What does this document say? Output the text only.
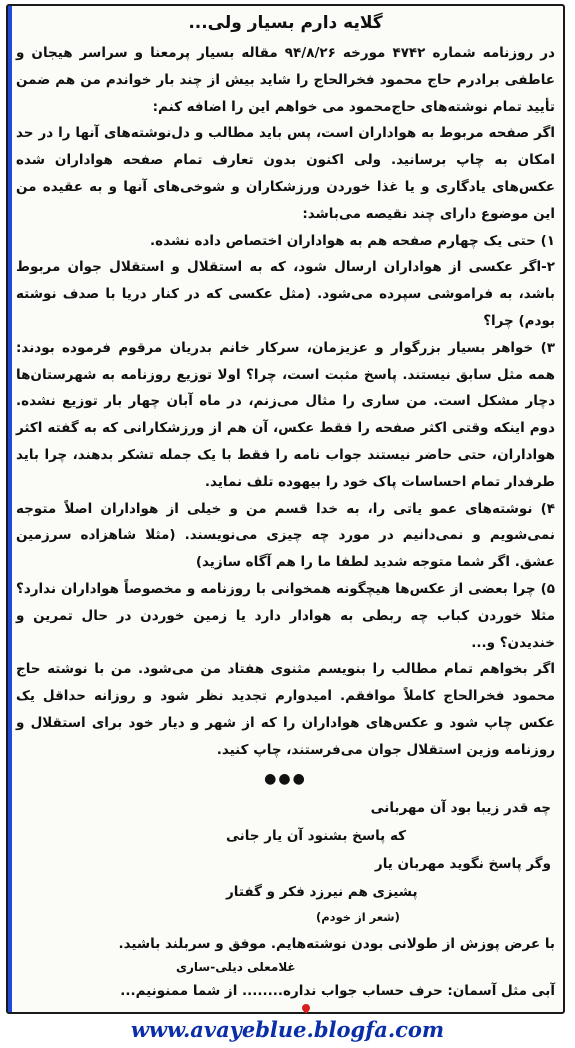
گلایه دارم بسیار ولی...

در روزنامه شماره ۴۷۴۲ مورخه ۹۴/۸/۲۶ مقاله بسیار پرمعنا و سراسر هیجان و عاطفی برادرم حاج محمود فخرالحاج را شاید بیش از چند بار خواندم من هم ضمن تأیید تمام نوشته‌های حاج‌محمود می خواهم این را اضافه کنم:

اگر صفحه مربوط به هواداران است، پس باید مطالب و دل‌نوشته‌های آنها را در حد امکان به چاپ برسانید. ولی اکنون بدون تعارف تمام صفحه هواداران شده عکس‌های یادگاری و یا غذا خوردن ورزشکاران و شوخی‌های آنها و به عقیده من این موضوع دارای چند نقیصه می‌باشد:

۱) حتی یک چهارم صفحه هم به هواداران اختصاص داده نشده.

۲-اگر عکسی از هواداران ارسال شود، که به استقلال و استقلال جوان مربوط باشد، به فراموشی سپرده می‌شود. (مثل عکسی که در کنار دریا با صدف نوشته بودم) چرا؟

۳) خواهر بسیار بزرگوار و عزیزمان، سرکار خانم بدریان مرقوم فرموده بودند: همه مثل سابق نیستند. پاسخ مثبت است، چرا؟ اولا توزیع روزنامه به شهرستان‌ها دچار مشکل است. من ساری را مثال می‌زنم، در ماه آبان چهار بار توزیع نشده. دوم اینکه وقتی اکثر صفحه را فقط عکس، آن هم از ورزشکارانی که به گفته اکثر هواداران، حتی حاضر نیستند جواب نامه را فقط با یک جمله تشکر بدهند، چرا باید طرفدار تمام احساسات پاک خود را بیهوده تلف نماید.

۴) نوشته‌های عمو یاتی را، به خدا قسم من و خیلی از هواداران اصلاً متوجه نمی‌شویم و نمی‌دانیم در مورد چه چیزی می‌نویسند. (مثلا شاهزاده سرزمین عشق. اگر شما متوجه شدید لطفا ما را هم آگاه سازید)

۵) چرا بعضی از عکس‌ها هیچگونه همخوانی با روزنامه و مخصوصاً هواداران ندارد؟ مثلا خوردن کباب چه ربطی به هوادار دارد یا زمین خوردن در حال تمرین و خندیدن؟ و...

اگر بخواهم تمام مطالب را بنویسم مثنوی هفتاد من می‌شود. من با نوشته حاج محمود فخرالحاج کاملاً موافقم. امیدوارم تجدید نظر شود و روزانه حداقل یک عکس چاپ شود و عکس‌های هواداران را که از شهر و دیار خود برای استقلال و روزنامه وزین استقلال جوان می‌فرستند، چاپ کنید.

●●●

چه قدر زیبا بود آن مهربانی

که پاسخ بشنود آن یار جانی

وگر پاسخ نگوید مهربان یار

پشیزی هم نیرزد فکر و گفتار

(شعر از خودم)

با عرض پوزش از طولانی بودن نوشته‌هایم. موفق و سربلند باشید.

غلامعلی دیلی-ساری

آبی مثل آسمان: حرف حساب جواب نداره........ از شما ممنونیم...

www.avayeblue.blogfa.com
